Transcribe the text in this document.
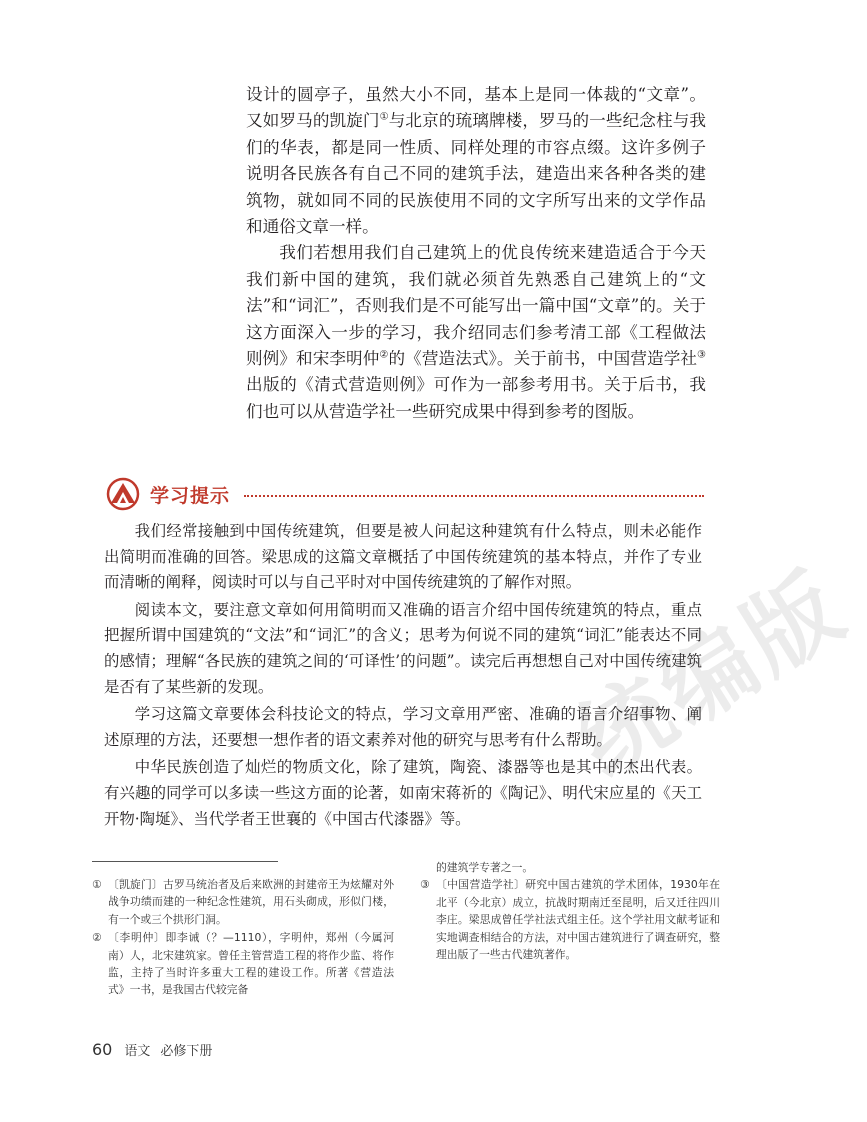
统编版

设计的圆亭子，虽然大小不同，基本上是同一体裁的“文章”。又如罗马的凯旋门①与北京的琉璃牌楼，罗马的一些纪念柱与我们的华表，都是同一性质、同样处理的市容点缀。这许多例子说明各民族各有自己不同的建筑手法，建造出来各种各类的建筑物，就如同不同的民族使用不同的文字所写出来的文学作品和通俗文章一样。

我们若想用我们自己建筑上的优良传统来建造适合于今天我们新中国的建筑，我们就必须首先熟悉自己建筑上的“文法”和“词汇”，否则我们是不可能写出一篇中国“文章”的。关于这方面深入一步的学习，我介绍同志们参考清工部《工程做法则例》和宋李明仲②的《营造法式》。关于前书，中国营造学社③出版的《清式营造则例》可作为一部参考用书。关于后书，我们也可以从营造学社一些研究成果中得到参考的图版。

学习提示

我们经常接触到中国传统建筑，但要是被人问起这种建筑有什么特点，则未必能作出简明而准确的回答。梁思成的这篇文章概括了中国传统建筑的基本特点，并作了专业而清晰的阐释，阅读时可以与自己平时对中国传统建筑的了解作对照。

阅读本文，要注意文章如何用简明而又准确的语言介绍中国传统建筑的特点，重点把握所谓中国建筑的“文法”和“词汇”的含义；思考为何说不同的建筑“词汇”能表达不同的感情；理解“各民族的建筑之间的‘可译性’的问题”。读完后再想想自己对中国传统建筑是否有了某些新的发现。

学习这篇文章要体会科技论文的特点，学习文章用严密、准确的语言介绍事物、阐述原理的方法，还要想一想作者的语文素养对他的研究与思考有什么帮助。

中华民族创造了灿烂的物质文化，除了建筑，陶瓷、漆器等也是其中的杰出代表。有兴趣的同学可以多读一些这方面的论著，如南宋蒋祈的《陶记》、明代宋应星的《天工开物·陶埏》、当代学者王世襄的《中国古代漆器》等。

① 〔凯旋门〕古罗马统治者及后来欧洲的封建帝王为炫耀对外战争功绩而建的一种纪念性建筑，用石头砌成，形似门楼，有一个或三个拱形门洞。
② 〔李明仲〕即李诫（？—1110），字明仲，郑州（今属河南）人，北宋建筑家。曾任主管营造工程的将作少监、将作监，主持了当时许多重大工程的建设工作。所著《营造法式》一书，是我国古代较完备
的建筑学专著之一。
③ 〔中国营造学社〕研究中国古建筑的学术团体，1930年在北平（今北京）成立，抗战时期南迁至昆明，后又迁往四川李庄。梁思成曾任学社法式组主任。这个学社用文献考证和实地调查相结合的方法，对中国古建筑进行了调查研究，整理出版了一些古代建筑著作。
60 语文 必修下册
